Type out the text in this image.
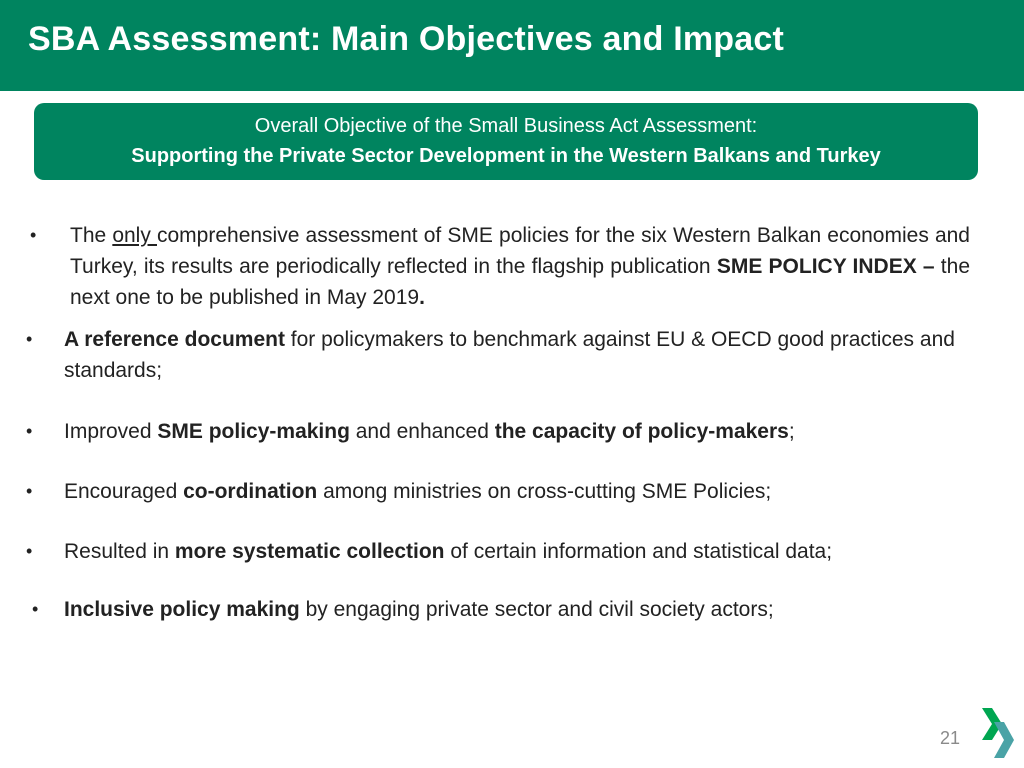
SBA Assessment: Main Objectives and Impact
Overall Objective of the Small Business Act Assessment:
Supporting the Private Sector Development in the Western Balkans and Turkey
• The only comprehensive assessment of SME policies for the six Western Balkan economies and Turkey, its results are periodically reflected in the flagship publication SME POLICY INDEX – the next one to be published in May 2019.
• A reference document for policymakers to benchmark against EU & OECD good practices and standards;
• Improved SME policy-making and enhanced the capacity of policy-makers;
• Encouraged co-ordination among ministries on cross-cutting SME Policies;
• Resulted in more systematic collection of certain information and statistical data;
• Inclusive policy making by engaging private sector and civil society actors;
21
